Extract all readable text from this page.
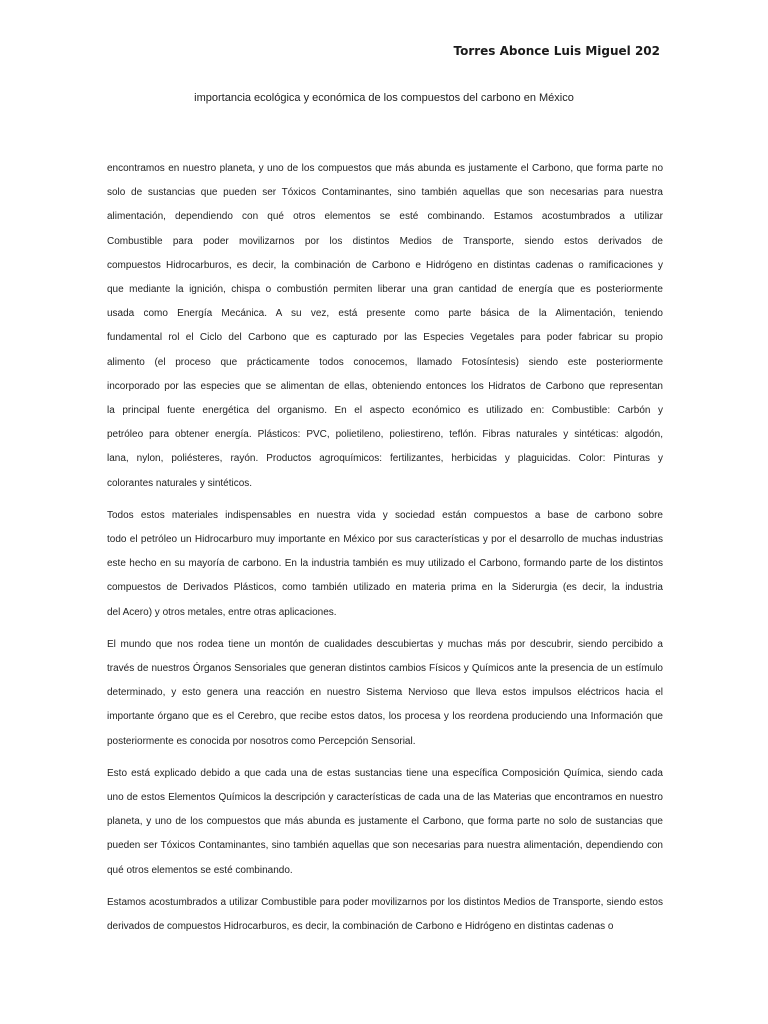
Torres Abonce Luis Miguel 202
importancia ecológica y económica de los compuestos del carbono en México

encontramos en nuestro planeta, y uno de los compuestos que más abunda es justamente el Carbono, que forma parte no
solo de sustancias que pueden ser Tóxicos Contaminantes, sino también aquellas que son necesarias para nuestra
alimentación, dependiendo con qué otros elementos se esté combinando. Estamos acostumbrados a utilizar
Combustible para poder movilizarnos por los distintos Medios de Transporte, siendo estos derivados de
compuestos Hidrocarburos, es decir, la combinación de Carbono e Hidrógeno en distintas cadenas o ramificaciones y
que mediante la ignición, chispa o combustión permiten liberar una gran cantidad de energía que es posteriormente
usada como Energía Mecánica. A su vez, está presente como parte básica de la Alimentación, teniendo
fundamental rol el Ciclo del Carbono que es capturado por las Especies Vegetales para poder fabricar su propio
alimento (el proceso que prácticamente todos conocemos, llamado Fotosíntesis) siendo este posteriormente
incorporado por las especies que se alimentan de ellas, obteniendo entonces los Hidratos de Carbono que representan
la principal fuente energética del organismo. En el aspecto económico es utilizado en: Combustible: Carbón y
petróleo para obtener energía. Plásticos: PVC, polietileno, poliestireno, teflón. Fibras naturales y sintéticas: algodón,
lana, nylon, poliésteres, rayón. Productos agroquímicos: fertilizantes, herbicidas y plaguicidas. Color: Pinturas y
colorantes naturales y sintéticos.

Todos estos materiales indispensables en nuestra vida y sociedad están compuestos a base de carbono sobre
todo el petróleo un Hidrocarburo muy importante en México por sus características y por el desarrollo de muchas industrias
este hecho en su mayoría de carbono. En la industria también es muy utilizado el Carbono, formando parte de los distintos
compuestos de Derivados Plásticos, como también utilizado en materia prima en la Siderurgia (es decir, la industria
del Acero) y otros metales, entre otras aplicaciones.

El mundo que nos rodea tiene un montón de cualidades descubiertas y muchas más por descubrir, siendo percibido a
través de nuestros Órganos Sensoriales que generan distintos cambios Físicos y Químicos ante la presencia de un estímulo
determinado, y esto genera una reacción en nuestro Sistema Nervioso que lleva estos impulsos eléctricos hacia el
importante órgano que es el Cerebro, que recibe estos datos, los procesa y los reordena produciendo una Información que
posteriormente es conocida por nosotros como Percepción Sensorial.

Esto está explicado debido a que cada una de estas sustancias tiene una específica Composición Química, siendo cada
uno de estos Elementos Químicos la descripción y características de cada una de las Materias que encontramos en nuestro
planeta, y uno de los compuestos que más abunda es justamente el Carbono, que forma parte no solo de sustancias que
pueden ser Tóxicos Contaminantes, sino también aquellas que son necesarias para nuestra alimentación, dependiendo con
qué otros elementos se esté combinando.

Estamos acostumbrados a utilizar Combustible para poder movilizarnos por los distintos Medios de Transporte, siendo estos
derivados de compuestos Hidrocarburos, es decir, la combinación de Carbono e Hidrógeno en distintas cadenas o
